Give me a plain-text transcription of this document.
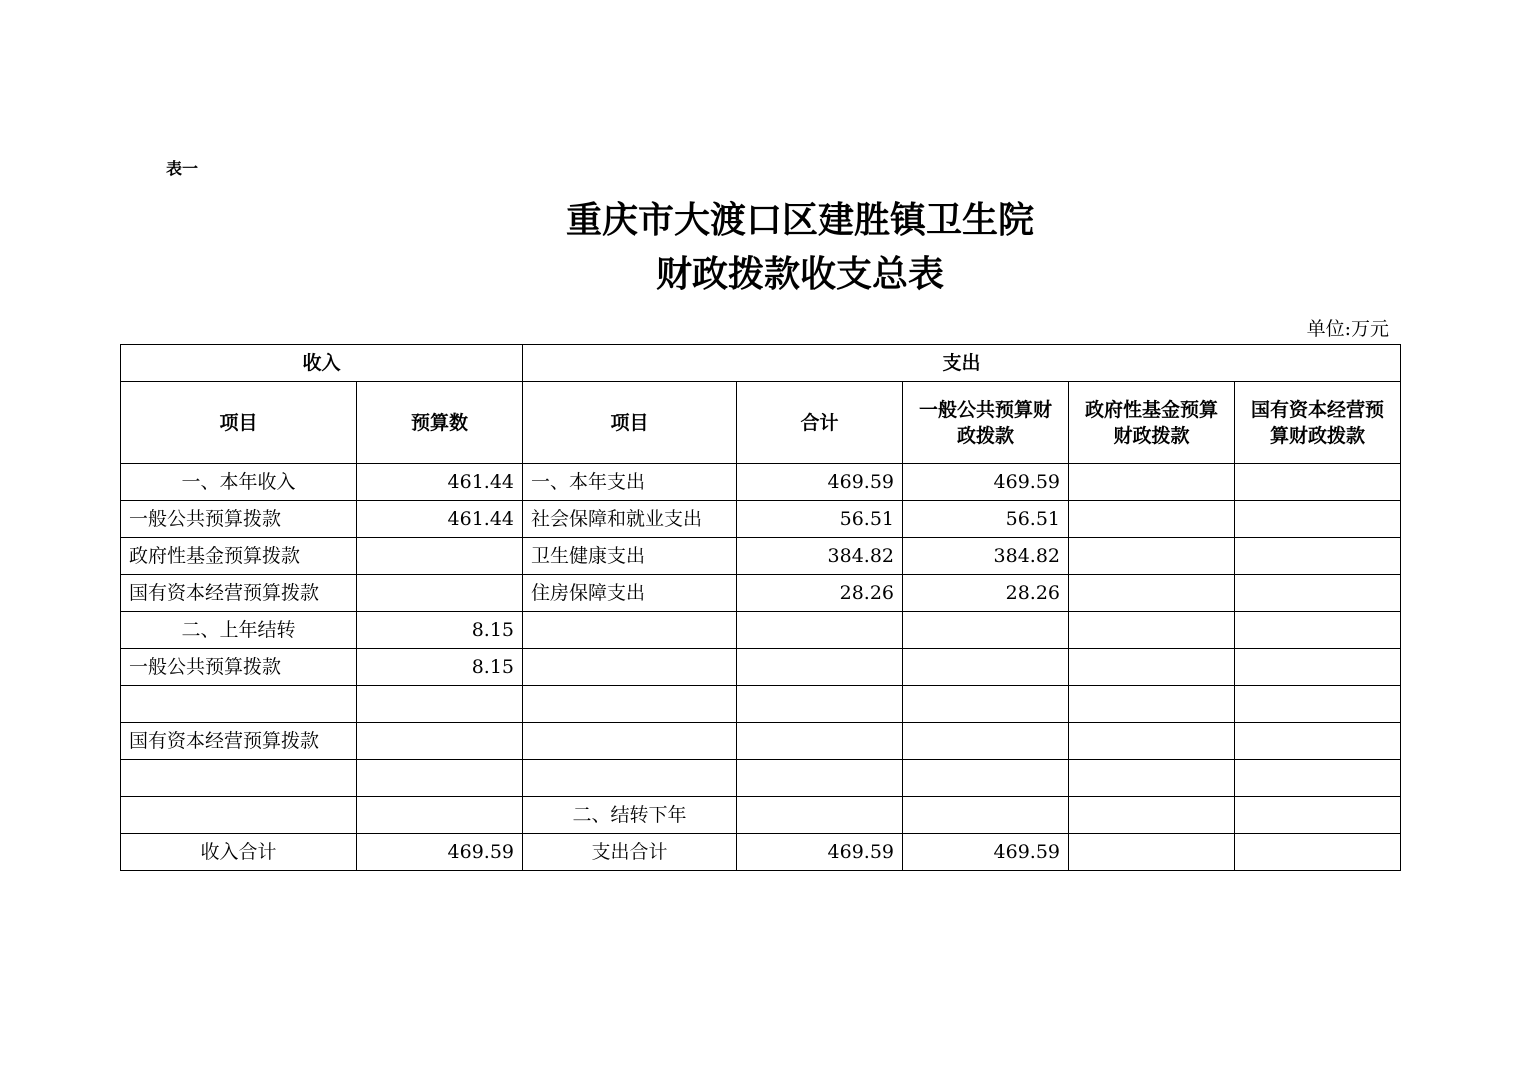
表一
重庆市大渡口区建胜镇卫生院
财政拨款收支总表
单位:万元
收入		支出				
项目	预算数	项目	合计	一般公共预算财政拨款	政府性基金预算财政拨款	国有资本经营预算财政拨款
一、本年收入	461.44	一、本年支出	469.59	469.59		
一般公共预算拨款	461.44	社会保障和就业支出	56.51	56.51		
政府性基金预算拨款		卫生健康支出	384.82	384.82		
国有资本经营预算拨款		住房保障支出	28.26	28.26		
二、上年结转	8.15					
一般公共预算拨款	8.15					

国有资本经营预算拨款						

		二、结转下年				
收入合计	469.59	支出合计	469.59	469.59		
